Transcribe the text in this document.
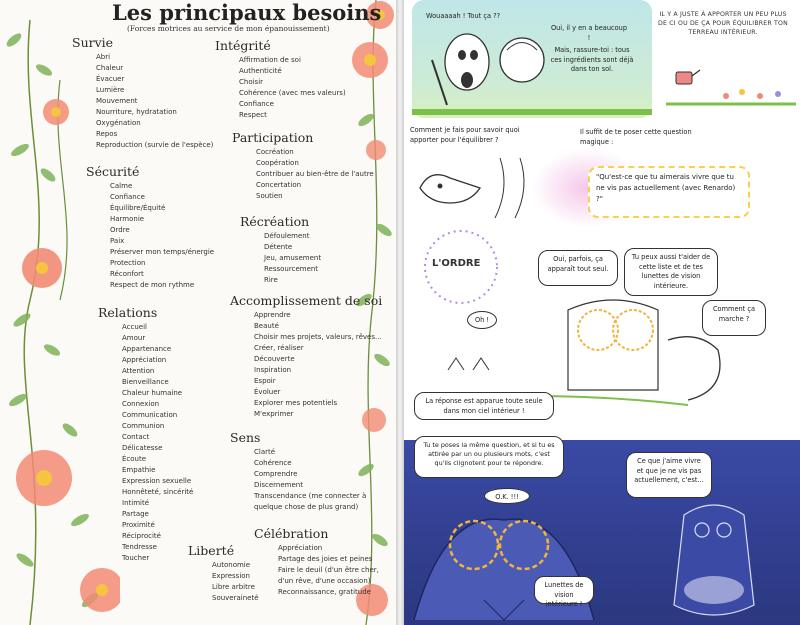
Les principaux besoins
(Forces motrices au service de mon épanouissement)
Survie
Abri
Chaleur
Évacuer
Lumière
Mouvement
Nourriture, hydratation
Oxygénation
Repos
Reproduction (survie de l'espèce)
Sécurité
Calme
Confiance
Équilibre/Équité
Harmonie
Ordre
Paix
Préserver mon temps/énergie
Protection
Réconfort
Respect de mon rythme
Relations
Accueil
Amour
Appartenance
Appréciation
Attention
Bienveillance
Chaleur humaine
Connexion
Communication
Communion
Contact
Délicatesse
Écoute
Empathie
Expression sexuelle
Honnêteté, sincérité
Intimité
Partage
Proximité
Réciprocité
Tendresse
Toucher
Intégrité
Affirmation de soi
Authenticité
Choisir
Cohérence (avec mes valeurs)
Confiance
Respect
Participation
Cocréation
Coopération
Contribuer au bien-être de l'autre
Concertation
Soutien
Récréation
Défoulement
Détente
Jeu, amusement
Ressourcement
Rire
Accomplissement de soi
Apprendre
Beauté
Choisir mes projets, valeurs, rêves...
Créer, réaliser
Découverte
Inspiration
Espoir
Évoluer
Explorer mes potentiels
M'exprimer
Sens
Clarté
Cohérence
Comprendre
Discernement
Transcendance (me connecter à
quelque chose de plus grand)
Liberté
Autonomie
Expression
Libre arbitre
Souveraineté
Célébration
Appréciation
Partage des joies et peines
Faire le deuil (d'un être cher,
d'un rêve, d'une occasion)
Reconnaissance, gratitude
Wouaaaah ! Tout ça ??
Oui, il y en a beaucoup !
Mais, rassure-toi : tous ces ingrédients sont déjà dans ton sol.
IL Y A JUSTE À APPORTER UN PEU PLUS DE CI OU DE ÇA POUR ÉQUILIBRER TON TERREAU INTÉRIEUR.
Comment je fais pour savoir quoi apporter pour l'équilibrer ?
Il suffit de te poser cette question magique :
"Qu'est-ce que tu aimerais vivre que tu ne vis pas actuellement (avec Renardo) ?"
L'ORDRE
Oh !
Oui, parfois, ça apparaît tout seul.
Tu peux aussi t'aider de cette liste et de tes lunettes de vision intérieure.
Comment ça marche ?
La réponse est apparue toute seule dans mon ciel intérieur !
Tu te poses la même question, et si tu es attirée par un ou plusieurs mots, c'est qu'ils clignotent pour te répondre.
O.K. !!!
Ce que j'aime vivre et que je ne vis pas actuellement, c'est...
Lunettes de vision intérieure !
